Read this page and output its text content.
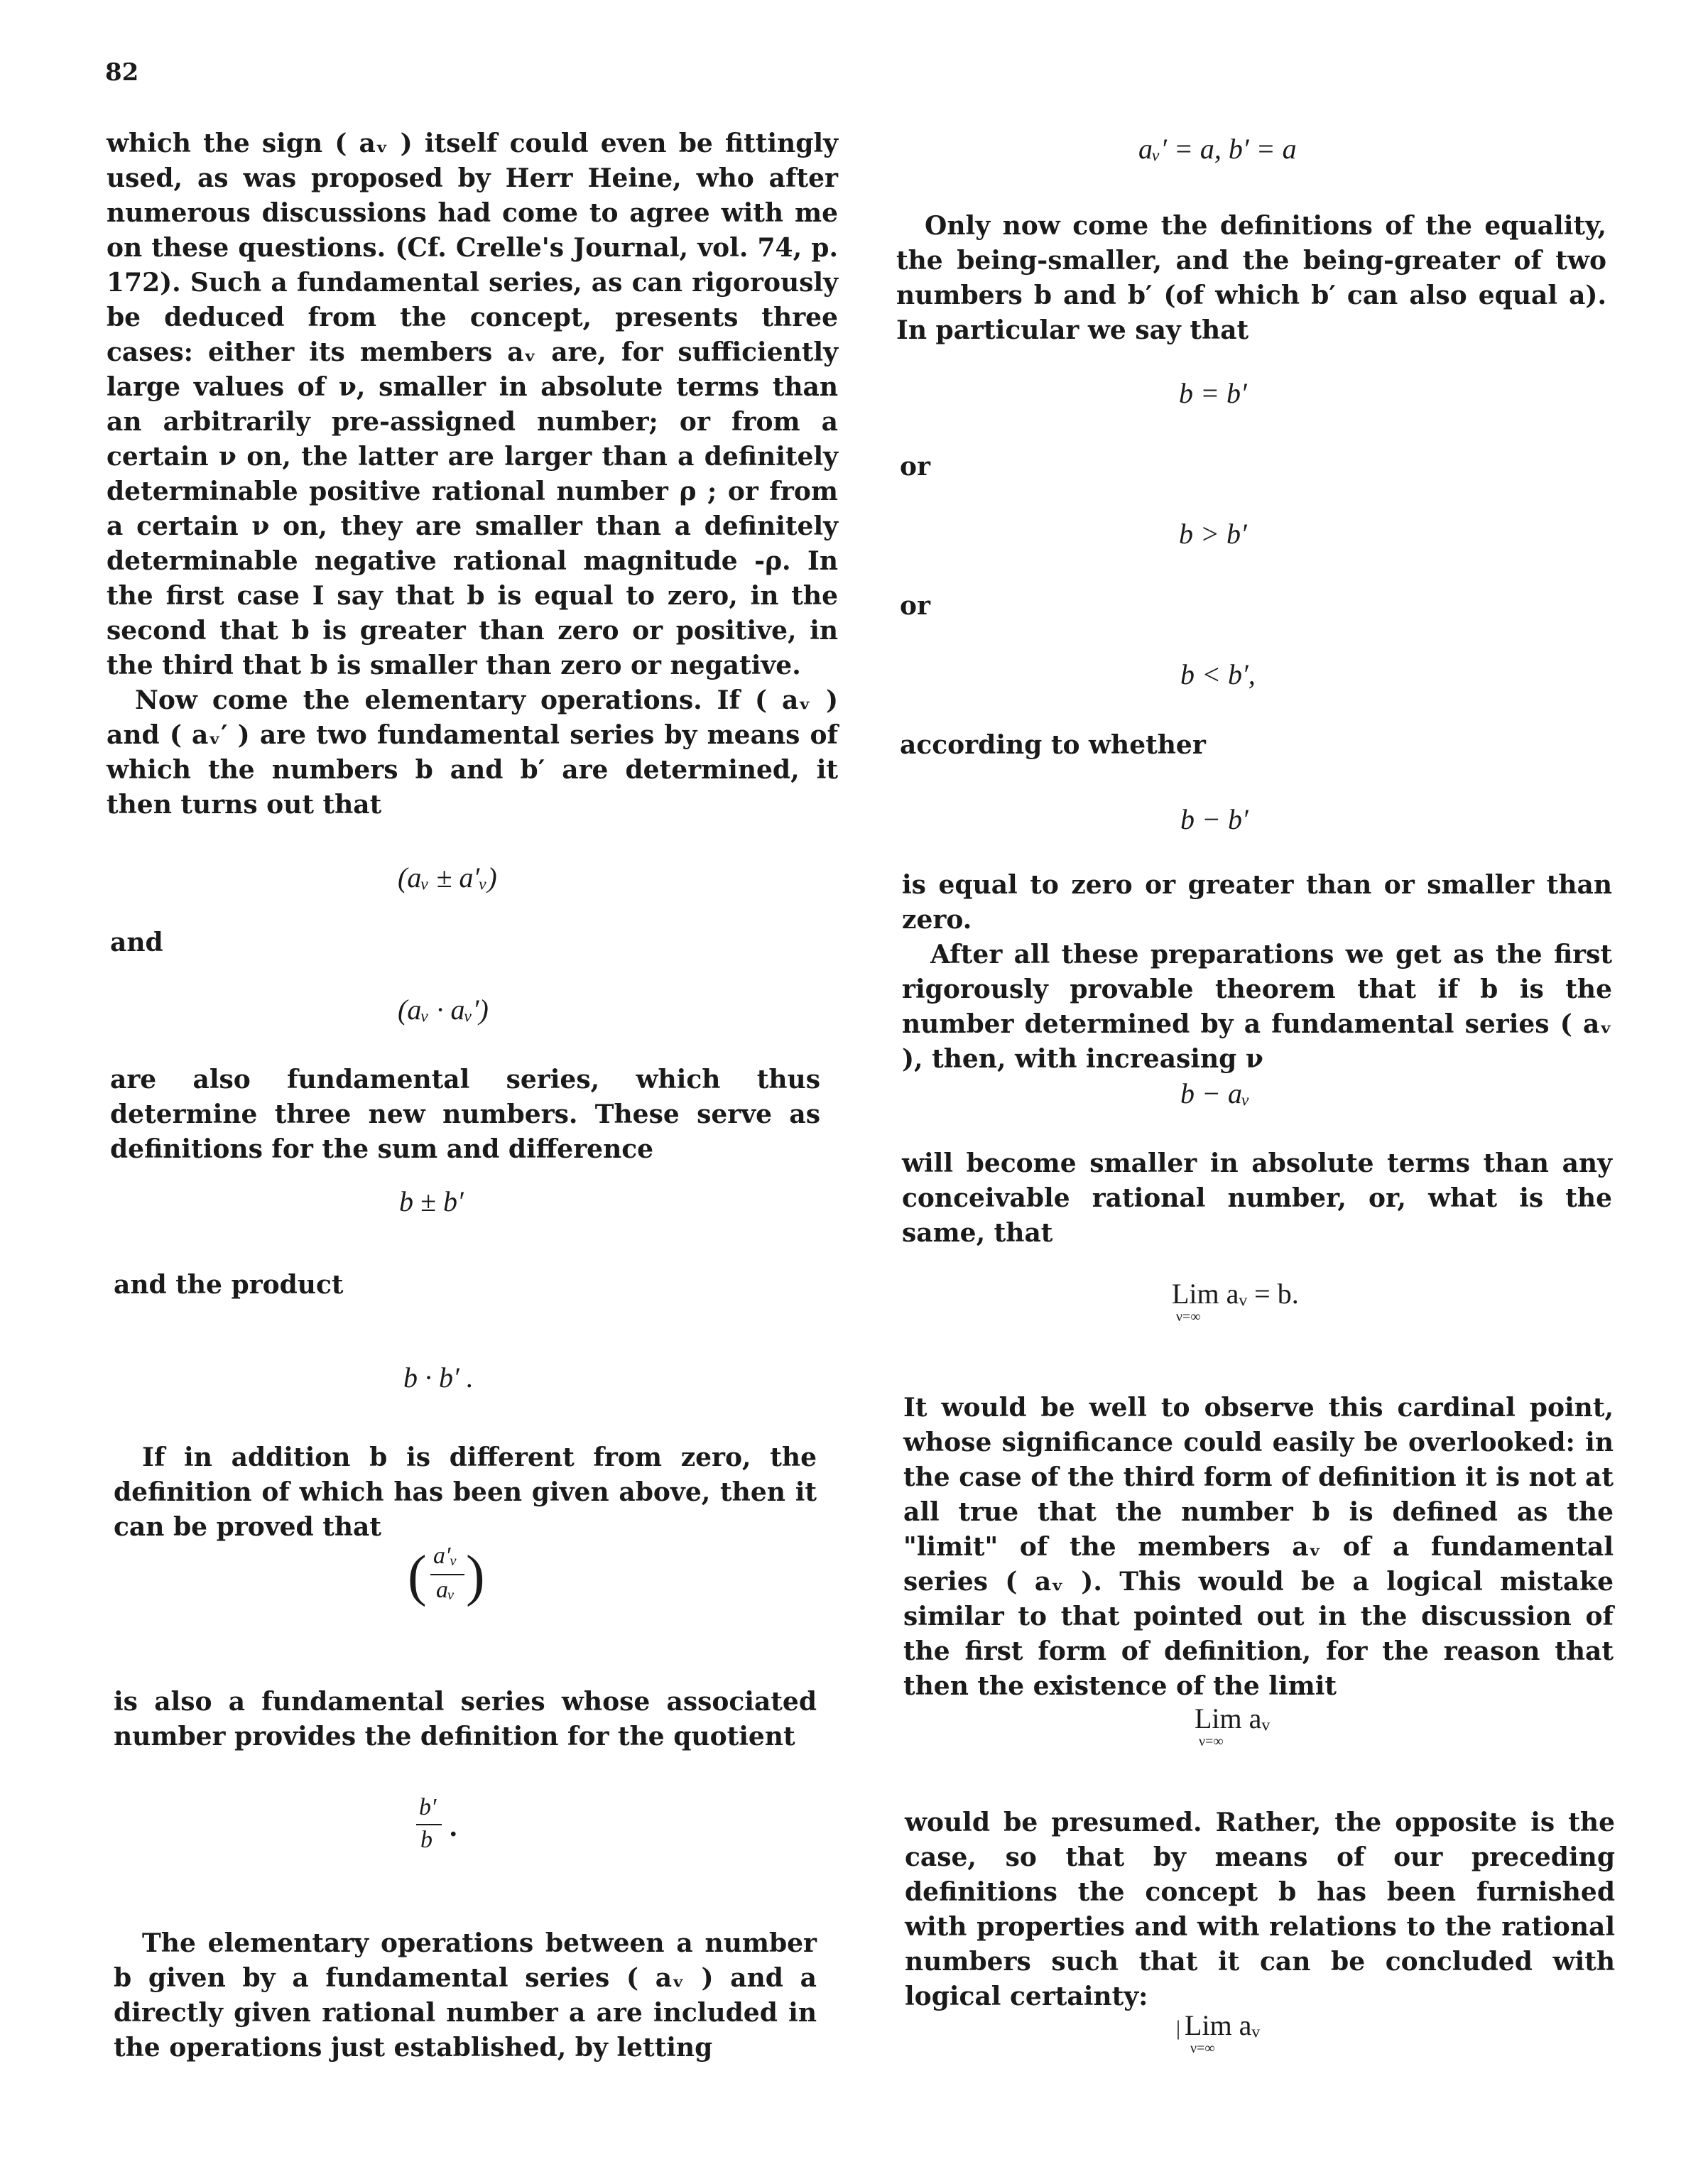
82

which the sign ( aᵥ ) itself could even be fittingly used, as was proposed by Herr Heine, who after numerous discussions had come to agree with me on these questions. (Cf. Crelle's Journal, vol. 74, p. 172). Such a fundamental series, as can rigorously be deduced from the concept, presents three cases: either its members aᵥ are, for sufficiently large values of ν, smaller in absolute terms than an arbitrarily pre-assigned number; or from a certain ν on, the latter are larger than a definitely determinable positive rational number ρ ; or from a certain ν on, they are smaller than a definitely determinable negative rational magnitude -ρ. In the first case I say that b is equal to zero, in the second that b is greater than zero or positive, in the third that b is smaller than zero or negative.

Now come the elementary operations. If ( aᵥ ) and ( aᵥ′ ) are two fundamental series by means of which the numbers b and b′ are determined, it then turns out that

(aᵥ ± a′ᵥ)
and
(aᵥ · aᵥ′)

are also fundamental series, which thus determine three new numbers. These serve as definitions for the sum and difference

b ± b′
and the product
b · b′ .

If in addition b is different from zero, the definition of which has been given above, then it can be proved that

( a′ᵥ
aᵥ )

is also a fundamental series whose associated number provides the definition for the quotient

b′
b .

The elementary operations between a number b given by a fundamental series ( aᵥ ) and a directly given rational number a are included in the operations just established, by letting

aᵥ′ = a, b′ = a

Only now come the definitions of the equality, the being-smaller, and the being-greater of two numbers b and b′ (of which b′ can also equal a). In particular we say that

b = b′
or
b > b′
or
b < b′,
according to whether
b − b′

is equal to zero or greater than or smaller than zero.

After all these preparations we get as the first rigorously provable theorem that if b is the number determined by a fundamental series ( aᵥ ), then, with increasing ν

b − aᵥ

will become smaller in absolute terms than any conceivable rational number, or, what is the same, that

Lim aᵥ = b.
ν=∞

It would be well to observe this cardinal point, whose significance could easily be overlooked: in the case of the third form of definition it is not at all true that the number b is defined as the "limit" of the members aᵥ of a fundamental series ( aᵥ ). This would be a logical mistake similar to that pointed out in the discussion of the first form of definition, for the reason that then the existence of the limit

Lim aᵥ
ν=∞

would be presumed. Rather, the opposite is the case, so that by means of our preceding definitions the concept b has been furnished with properties and with relations to the rational numbers such that it can be concluded with logical certainty:

| Lim aᵥ
ν=∞
